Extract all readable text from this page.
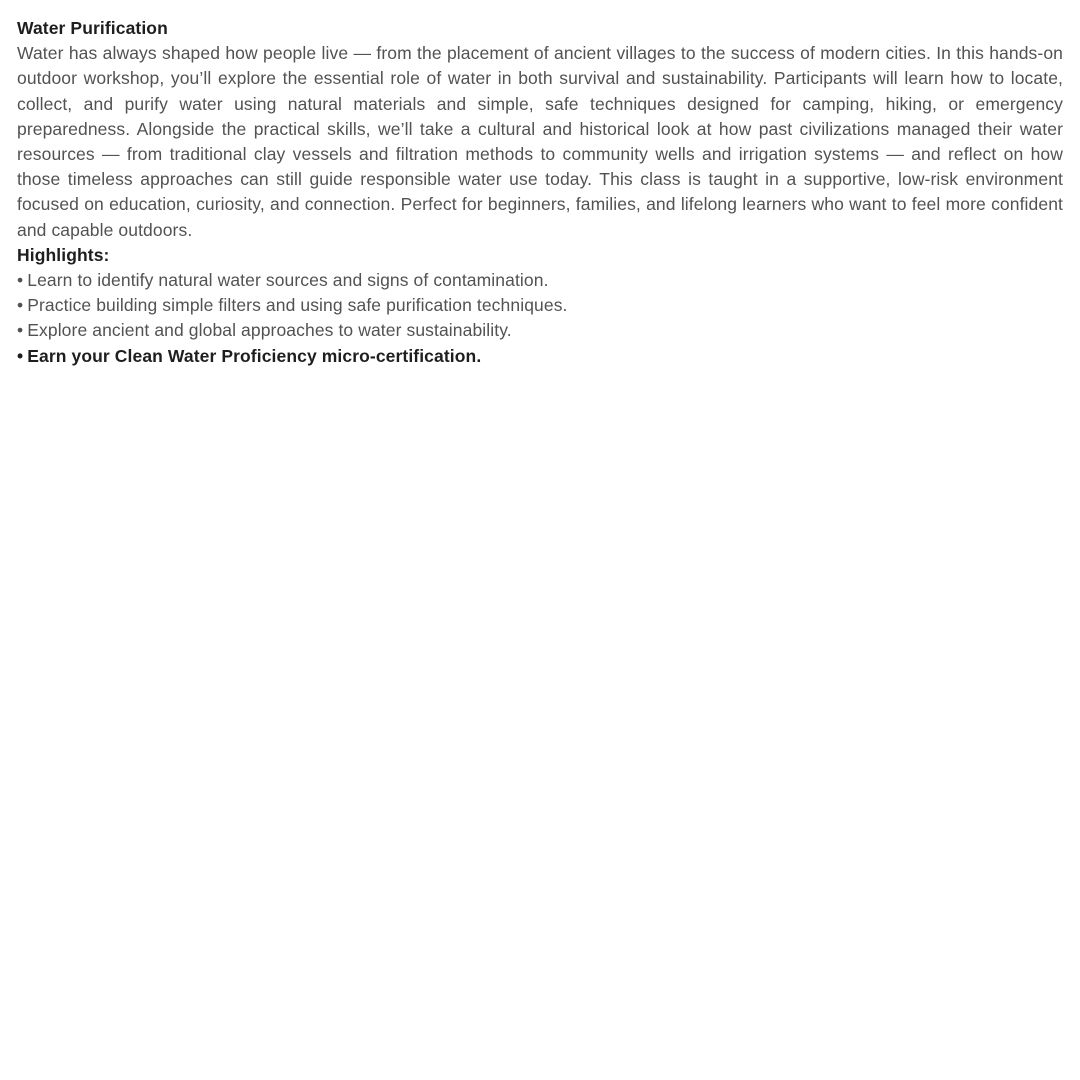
Water Purification

Water has always shaped how people live — from the placement of ancient villages to the success of modern cities. In this hands-on outdoor workshop, you’ll explore the essential role of water in both survival and sustainability. Participants will learn how to locate, collect, and purify water using natural materials and simple, safe techniques designed for camping, hiking, or emergency preparedness. Alongside the practical skills, we’ll take a cultural and historical look at how past civilizations managed their water resources — from traditional clay vessels and filtration methods to community wells and irrigation systems — and reflect on how those timeless approaches can still guide responsible water use today. This class is taught in a supportive, low-risk environment focused on education, curiosity, and connection. Perfect for beginners, families, and lifelong learners who want to feel more confident and capable outdoors.

Highlights:

• Learn to identify natural water sources and signs of contamination.
• Practice building simple filters and using safe purification techniques.
• Explore ancient and global approaches to water sustainability.
• Earn your Clean Water Proficiency micro-certification.
